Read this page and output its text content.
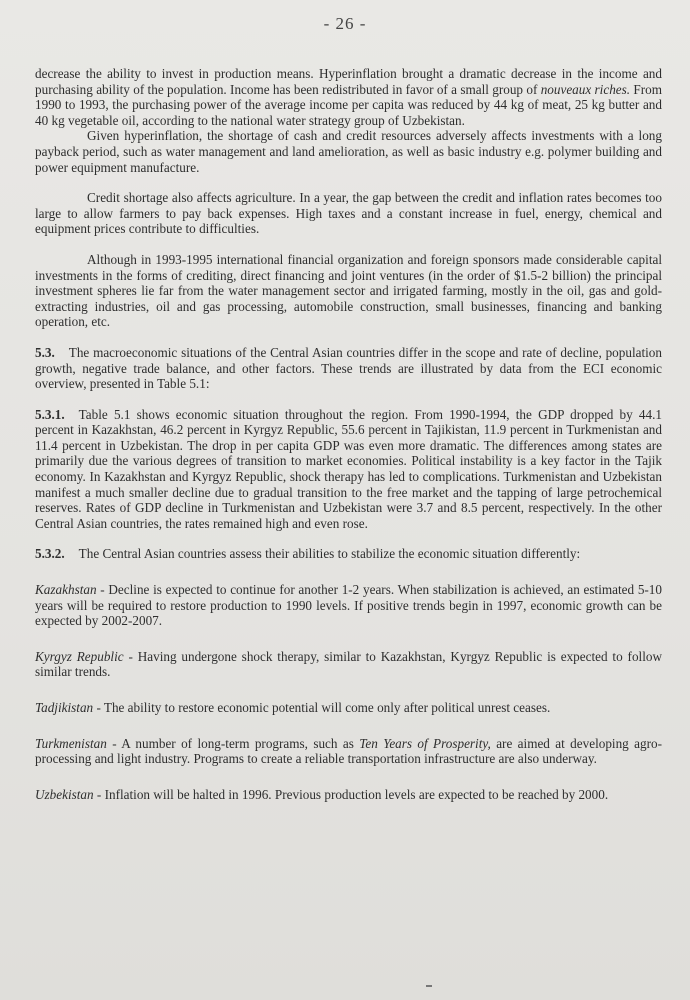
- 26 -

decrease the ability to invest in production means. Hyperinflation brought a dramatic decrease in the income and purchasing ability of the population. Income has been redistributed in favor of a small group of nouveaux riches. From 1990 to 1993, the purchasing power of the average income per capita was reduced by 44 kg of meat, 25 kg butter and 40 kg vegetable oil, according to the national water strategy group of Uzbekistan.

Given hyperinflation, the shortage of cash and credit resources adversely affects investments with a long payback period, such as water management and land amelioration, as well as basic industry e.g. polymer building and power equipment manufacture.

Credit shortage also affects agriculture. In a year, the gap between the credit and inflation rates becomes too large to allow farmers to pay back expenses. High taxes and a constant increase in fuel, energy, chemical and equipment prices contribute to difficulties.

Although in 1993-1995 international financial organization and foreign sponsors made considerable capital investments in the forms of crediting, direct financing and joint ventures (in the order of $1.5-2 billion) the principal investment spheres lie far from the water management sector and irrigated farming, mostly in the oil, gas and gold-extracting industries, oil and gas processing, automobile construction, small businesses, financing and banking operation, etc.

5.3. The macroeconomic situations of the Central Asian countries differ in the scope and rate of decline, population growth, negative trade balance, and other factors. These trends are illustrated by data from the ECI economic overview, presented in Table 5.1:

5.3.1. Table 5.1 shows economic situation throughout the region. From 1990-1994, the GDP dropped by 44.1 percent in Kazakhstan, 46.2 percent in Kyrgyz Republic, 55.6 percent in Tajikistan, 11.9 percent in Turkmenistan and 11.4 percent in Uzbekistan. The drop in per capita GDP was even more dramatic. The differences among states are primarily due the various degrees of transition to market economies. Political instability is a key factor in the Tajik economy. In Kazakhstan and Kyrgyz Republic, shock therapy has led to complications. Turkmenistan and Uzbekistan manifest a much smaller decline due to gradual transition to the free market and the tapping of large petrochemical reserves. Rates of GDP decline in Turkmenistan and Uzbekistan were 3.7 and 8.5 percent, respectively. In the other Central Asian countries, the rates remained high and even rose.

5.3.2. The Central Asian countries assess their abilities to stabilize the economic situation differently:

Kazakhstan - Decline is expected to continue for another 1-2 years. When stabilization is achieved, an estimated 5-10 years will be required to restore production to 1990 levels. If positive trends begin in 1997, economic growth can be expected by 2002-2007.

Kyrgyz Republic - Having undergone shock therapy, similar to Kazakhstan, Kyrgyz Republic is expected to follow similar trends.

Tadjikistan - The ability to restore economic potential will come only after political unrest ceases.

Turkmenistan - A number of long-term programs, such as Ten Years of Prosperity, are aimed at developing agro-processing and light industry. Programs to create a reliable transportation infrastructure are also underway.

Uzbekistan - Inflation will be halted in 1996. Previous production levels are expected to be reached by 2000.
